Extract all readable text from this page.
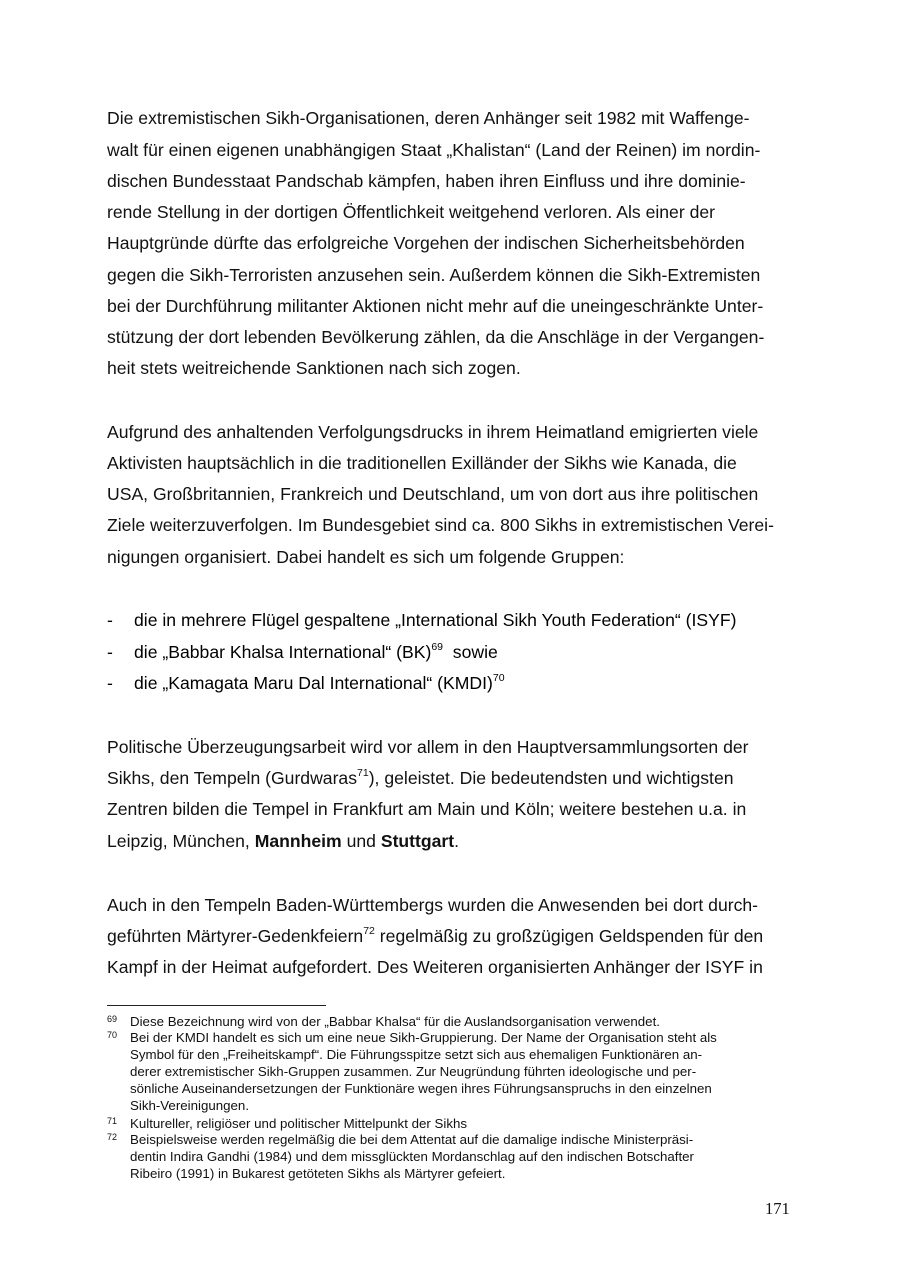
Die extremistischen Sikh-Organisationen, deren Anhänger seit 1982 mit Waffenge-
walt für einen eigenen unabhängigen Staat „Khalistan“ (Land der Reinen) im nordin-
dischen Bundesstaat Pandschab kämpfen, haben ihren Einfluss und ihre dominie-
rende Stellung in der dortigen Öffentlichkeit weitgehend verloren. Als einer der
Hauptgründe dürfte das erfolgreiche Vorgehen der indischen Sicherheitsbehörden
gegen die Sikh-Terroristen anzusehen sein. Außerdem können die Sikh-Extremisten
bei der Durchführung militanter Aktionen nicht mehr auf die uneingeschränkte Unter-
stützung der dort lebenden Bevölkerung zählen, da die Anschläge in der Vergangen-
heit stets weitreichende Sanktionen nach sich zogen.
Aufgrund des anhaltenden Verfolgungsdrucks in ihrem Heimatland emigrierten viele
Aktivisten hauptsächlich in die traditionellen Exilländer der Sikhs wie Kanada, die
USA, Großbritannien, Frankreich und Deutschland, um von dort aus ihre politischen
Ziele weiterzuverfolgen. Im Bundesgebiet sind ca. 800 Sikhs in extremistischen Verei-
nigungen organisiert. Dabei handelt es sich um folgende Gruppen:
- die in mehrere Flügel gespaltene „International Sikh Youth Federation“ (ISYF)
- die „Babbar Khalsa International“ (BK)$^{69}$  sowie
- die „Kamagata Maru Dal International“ (KMDI)$^{70}$
Politische Überzeugungsarbeit wird vor allem in den Hauptversammlungsorten der
Sikhs, den Tempeln (Gurdwaras$^{71}$), geleistet. Die bedeutendsten und wichtigsten
Zentren bilden die Tempel in Frankfurt am Main und Köln; weitere bestehen u.a. in
Leipzig, München, Mannheim und Stuttgart.
Auch in den Tempeln Baden-Württembergs wurden die Anwesenden bei dort durch-
geführten Märtyrer-Gedenkfeiern$^{72}$ regelmäßig zu großzügigen Geldspenden für den
Kampf in der Heimat aufgefordert. Des Weiteren organisierten Anhänger der ISYF in
69 Diese Bezeichnung wird von der „Babbar Khalsa“ für die Auslandsorganisation verwendet.
70 Bei der KMDI handelt es sich um eine neue Sikh-Gruppierung. Der Name der Organisation steht als
Symbol für den „Freiheitskampf“. Die Führungsspitze setzt sich aus ehemaligen Funktionären an-
derer extremistischer Sikh-Gruppen zusammen. Zur Neugründung führten ideologische und per-
sönliche Auseinandersetzungen der Funktionäre wegen ihres Führungsanspruchs in den einzelnen
Sikh-Vereinigungen.
71 Kultureller, religiöser und politischer Mittelpunkt der Sikhs
72 Beispielsweise werden regelmäßig die bei dem Attentat auf die damalige indische Ministerpräsi-
dentin Indira Gandhi (1984) und dem missglückten Mordanschlag auf den indischen Botschafter
Ribeiro (1991) in Bukarest getöteten Sikhs als Märtyrer gefeiert.
171
